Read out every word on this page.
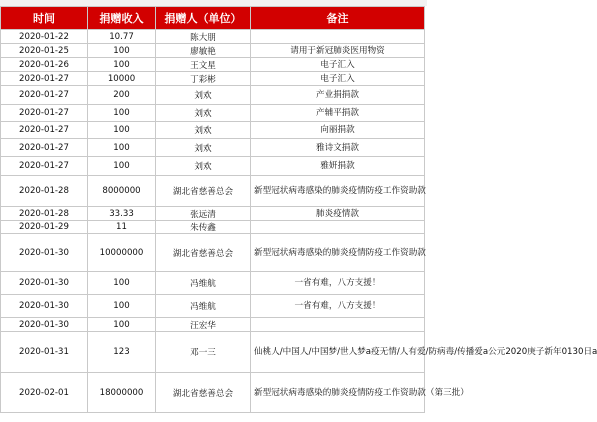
时间	捐赠收入	捐赠人（单位）	备注
2020-01-22	10.77	陈大朋	
2020-01-25	100	廖敏艳	请用于新冠肺炎医用物资
2020-01-26	100	王文星	电子汇入
2020-01-27	10000	丁彩彬	电子汇入
2020-01-27	200	刘欢	产业捐捐款
2020-01-27	100	刘欢	产辅平捐款
2020-01-27	100	刘欢	向丽捐款
2020-01-27	100	刘欢	雅诗文捐款
2020-01-27	100	刘欢	雅妍捐款
2020-01-28	8000000	湖北省慈善总会	新型冠状病毒感染的肺炎疫情防疫工作资助款
2020-01-28	33.33	张远清	肺炎疫情款
2020-01-29	11	朱传鑫	
2020-01-30	10000000	湖北省慈善总会	新型冠状病毒感染的肺炎疫情防疫工作资助款
2020-01-30	100	冯维航	一省有难，八方支援！
2020-01-30	100	冯维航	一省有难，八方支援！
2020-01-30	100	汪宏华	
2020-01-31	123	邓一三	仙桃人/中国人/中国梦/世人梦a疫无情/人有爱/防病毒/传播爱a公元2020庚子新年0130日a
2020-02-01	18000000	湖北省慈善总会	新型冠状病毒感染的肺炎疫情防疫工作资助款（第三批）
